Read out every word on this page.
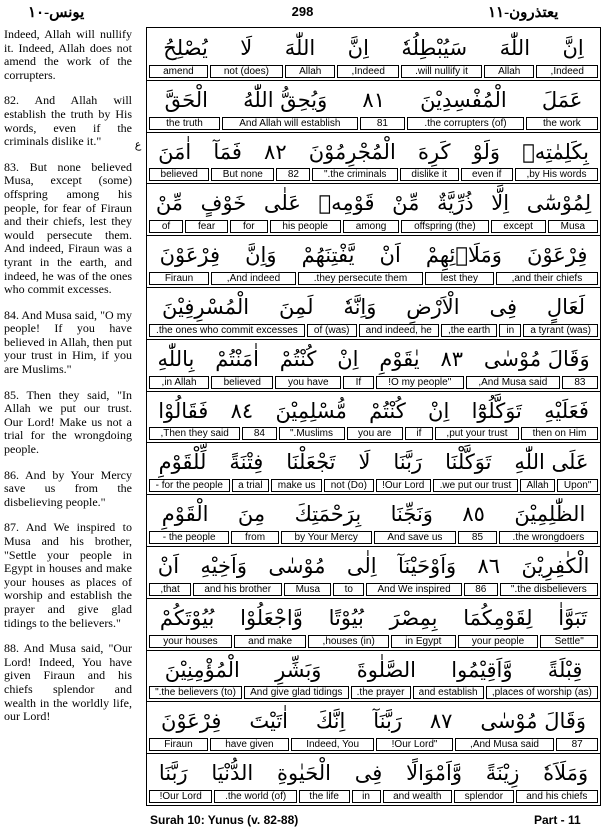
يعتذرون-١١
298
يونس-١٠
Indeed, Allah will nullify it. Indeed, Allah does not amend the work of the corrupters.
82. And Allah will establish the truth by His words, even if the criminals dislike it."
83. But none believed Musa, except (some) offspring among his people, for fear of Firaun and their chiefs, lest they would persecute them. And indeed, Firaun was a tyrant in the earth, and indeed, he was of the ones who commit excesses.
84. And Musa said, "O my people! If you have believed in Allah, then put your trust in Him, if you are Muslims."
85. Then they said, "In Allah we put our trust. Our Lord! Make us not a trial for the wrongdoing people.
86. And by Your Mercy save us from the disbelieving people."
87. And We inspired to Musa and his brother, "Settle your people in Egypt in houses and make your houses as places of worship and establish the prayer and give glad tidings to the believers."
88. And Musa said, "Our Lord! Indeed, You have given Firaun and his chiefs splendor and wealth in the worldly life, our Lord!
ع
اِنَّ
اللّٰهَ
سَيُبْطِلُهٗ
اِنَّ
اللّٰهَ
لَا
يُصْلِحُ
Indeed,
Allah
will nullify it.
Indeed,
Allah
(does) not
amend
عَمَلَ
الْمُفْسِدِيْنَ
٨١
وَيُحِقُّ اللّٰهُ
الْحَقَّ
the work
(of) the corrupters.
81
And Allah will establish
the truth
بِكَلِمٰتِهٖ
وَلَوْ
كَرِهَ
الْمُجْرِمُوْنَ
٨٢
فَمَآ
اٰمَنَ
by His words,
even if
dislike it
the criminals."
82
But none
believed
لِمُوْسٰٓى
اِلَّا
ذُرِّيَّةٌ
مِّنْ
قَوْمِهٖ
عَلٰى
خَوْفٍ
مِّنْ
Musa
except
(the) offspring
among
his people
for
fear
of
فِرْعَوْنَ
وَمَلَا۟ئِهِمْ
اَنْ
يَّفْتِنَهُمْ
وَاِنَّ
فِرْعَوْنَ
and their chiefs,
lest they
they persecute them.
And indeed,
Firaun
لَعَالٍ
فِى
الْاَرْضِ
وَاِنَّهٗ
لَمِنَ
الْمُسْرِفِيْنَ
(was) a tyrant
in
the earth,
and indeed, he
(was) of
the ones who commit excesses.
وَقَالَ مُوْسٰى
٨٣
يٰقَوْمِ
اِنْ
كُنْتُمْ
اٰمَنْتُمْ
بِاللّٰهِ
83
And Musa said,
"O my people!
If
you have
believed
in Allah,
فَعَلَيْهِ
تَوَكَّلُوْٓا
اِنْ
كُنْتُمْ
مُّسْلِمِيْنَ
٨٤
فَقَالُوْا
then on Him
put your trust,
if
you are
Muslims."
84
Then they said,
عَلَى اللّٰهِ
تَوَكَّلْنَا
رَبَّنَا
لَا
تَجْعَلْنَا
فِتْنَةً
لِّلْقَوْمِ
"Upon
Allah
we put our trust.
Our Lord!
(Do) not
make us
a trial
for the people -
الظّٰلِمِيْنَ
٨٥
وَنَجِّنَا
بِرَحْمَتِكَ
مِنَ
الْقَوْمِ
the wrongdoers.
85
And save us
by Your Mercy
from
the people -
الْكٰفِرِيْنَ
٨٦
وَاَوْحَيْنَآ
اِلٰى
مُوْسٰى
وَاَخِيْهِ
اَنْ
the disbelievers."
86
And We inspired
to
Musa
and his brother
that,
تَبَوَّاٰ
لِقَوْمِكُمَا
بِمِصْرَ
بُيُوْتًا
وَّاجْعَلُوْا
بُيُوْتَكُمْ
"Settle
your people
in Egypt
(in) houses,
and make
your houses
قِبْلَةً
وَّاَقِيْمُوا
الصَّلٰوةَ
وَبَشِّرِ
الْمُؤْمِنِيْنَ
(as) places of worship,
and establish
the prayer.
And give glad tidings
(to) the believers."
وَقَالَ مُوْسٰى
٨٧
رَبَّنَآ
اِنَّكَ
اٰتَيْتَ
فِرْعَوْنَ
87
And Musa said,
"Our Lord!
Indeed, You
have given
Firaun
وَمَلَاَهٗ
زِيْنَةً
وَّاَمْوَالًا
فِى
الْحَيٰوةِ
الدُّنْيَا
رَبَّنَا
and his chiefs
splendor
and wealth
in
the life
(of) the world.
Our Lord!
Surah 10: Yunus (v. 82-88)	Part - 11
